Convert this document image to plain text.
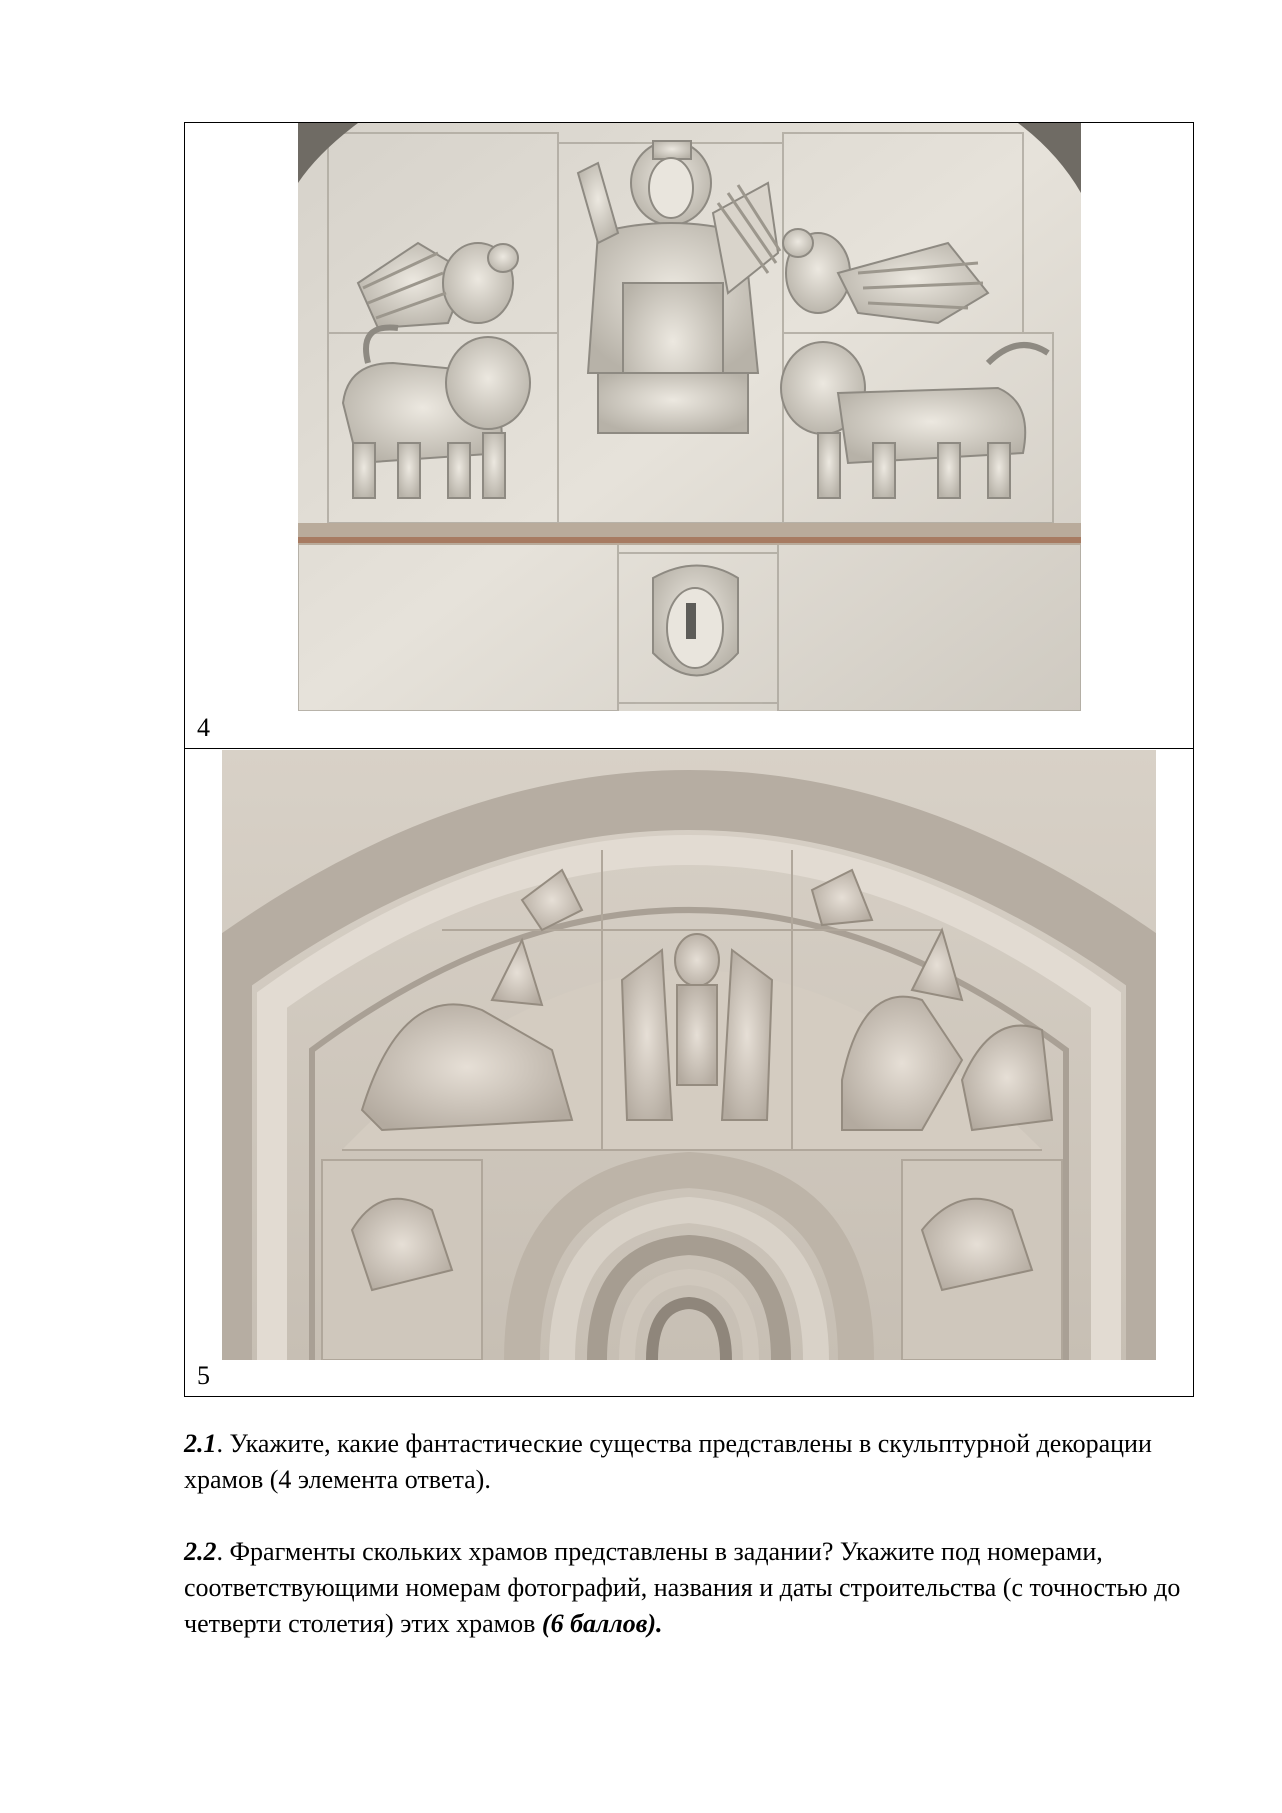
4
5
2.1. Укажите, какие фантастические существа представлены в скульптурной декорации храмов (4 элемента ответа).
2.2. Фрагменты скольких храмов представлены в задании? Укажите под номерами, соответствующими номерам фотографий, названия и даты строительства (с точностью до четверти столетия) этих храмов (6 баллов).
